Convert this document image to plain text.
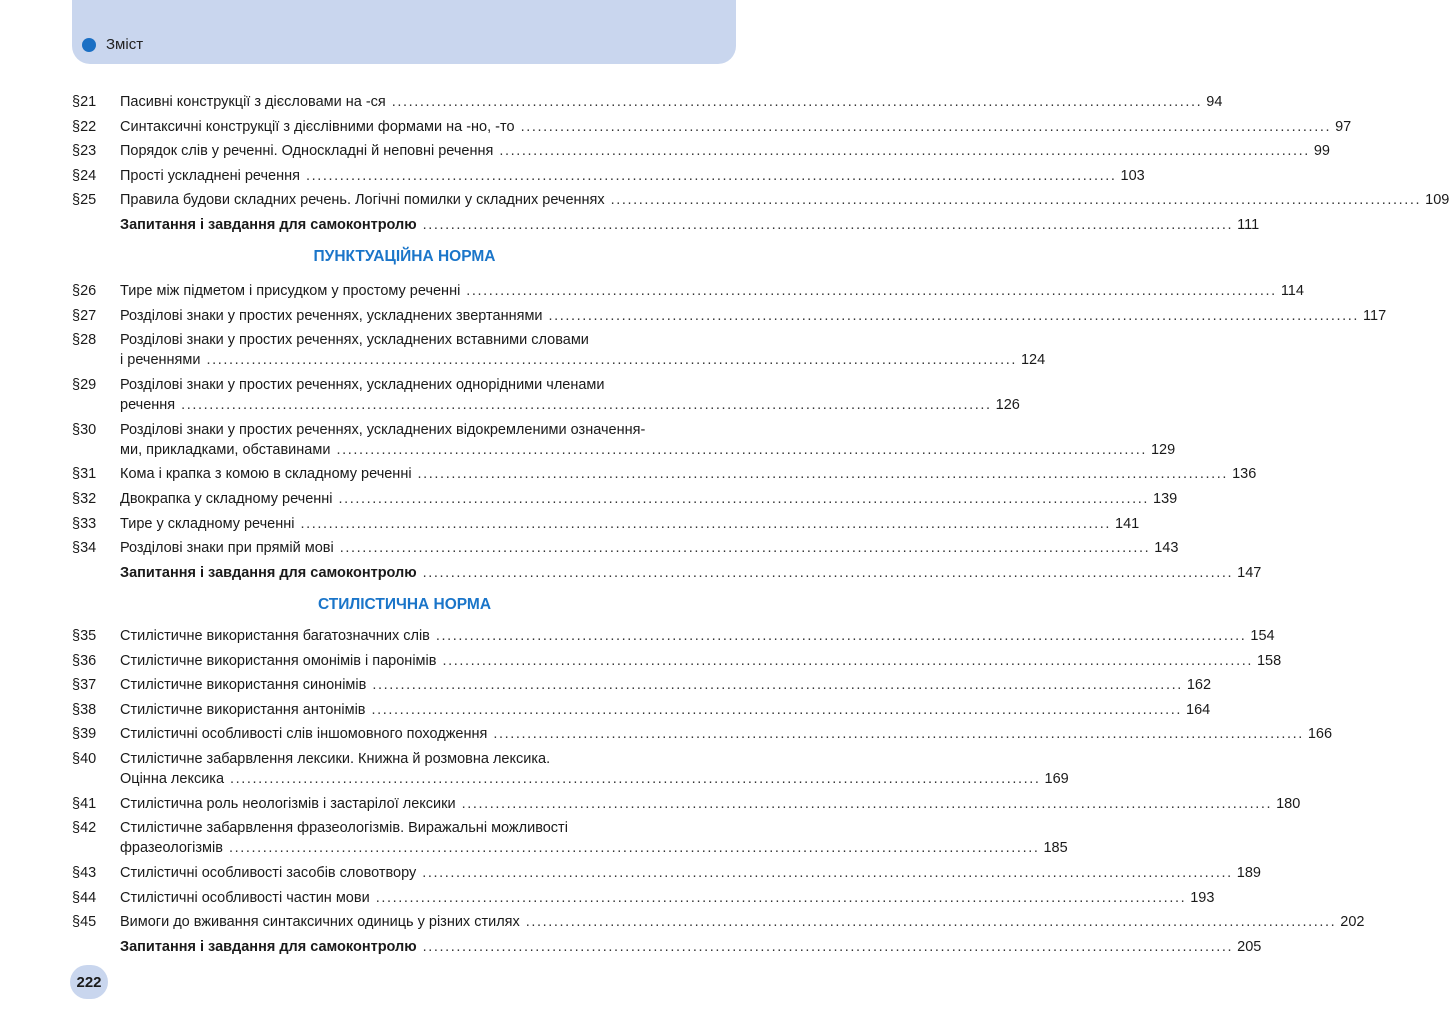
Зміст
§21 Пасивні конструкції з дієсловами на -ся ................................................................................................................................................ 94
§22 Синтаксичні конструкції з дієслівними формами на -но, -то ................................................................................................................................................ 97
§23 Порядок слів у реченні. Односкладні й неповні речення ................................................................................................................................................ 99
§24 Прості ускладнені речення ................................................................................................................................................ 103
§25 Правила будови складних речень. Логічні помилки у складних реченнях ................................................................................................................................................ 109
Запитання і завдання для самоконтролю ................................................................................................................................................ 111
ПУНКТУАЦІЙНА НОРМА
§26 Тире між підметом і присудком у простому реченні ................................................................................................................................................ 114
§27 Розділові знаки у простих реченнях, ускладнених звертаннями ................................................................................................................................................ 117
§28 Розділові знаки у простих реченнях, ускладнених вставними словами
і реченнями ................................................................................................................................................ 124
§29 Розділові знаки у простих реченнях, ускладнених однорідними членами
речення ................................................................................................................................................ 126
§30 Розділові знаки у простих реченнях, ускладнених відокремленими означення-
ми, прикладками, обставинами ................................................................................................................................................ 129
§31 Кома і крапка з комою в складному реченні ................................................................................................................................................ 136
§32 Двокрапка у складному реченні ................................................................................................................................................ 139
§33 Тире у складному реченні ................................................................................................................................................ 141
§34 Розділові знаки при прямій мові ................................................................................................................................................ 143
Запитання і завдання для самоконтролю ................................................................................................................................................ 147
СТИЛІСТИЧНА НОРМА
§35 Стилістичне використання багатозначних слів ................................................................................................................................................ 154
§36 Стилістичне використання омонімів і паронімів ................................................................................................................................................ 158
§37 Стилістичне використання синонімів ................................................................................................................................................ 162
§38 Стилістичне використання антонімів ................................................................................................................................................ 164
§39 Стилістичні особливості слів іншомовного походження ................................................................................................................................................ 166
§40 Стилістичне забарвлення лексики. Книжна й розмовна лексика.
Оцінна лексика ................................................................................................................................................ 169
§41 Стилістична роль неологізмів і застарілої лексики ................................................................................................................................................ 180
§42 Стилістичне забарвлення фразеологізмів. Виражальні можливості
фразеологізмів ................................................................................................................................................ 185
§43 Стилістичні особливості засобів словотвору ................................................................................................................................................ 189
§44 Стилістичні особливості частин мови ................................................................................................................................................ 193
§45 Вимоги до вживання синтаксичних одиниць у різних стилях ................................................................................................................................................ 202
Запитання і завдання для самоконтролю ................................................................................................................................................ 205
222
